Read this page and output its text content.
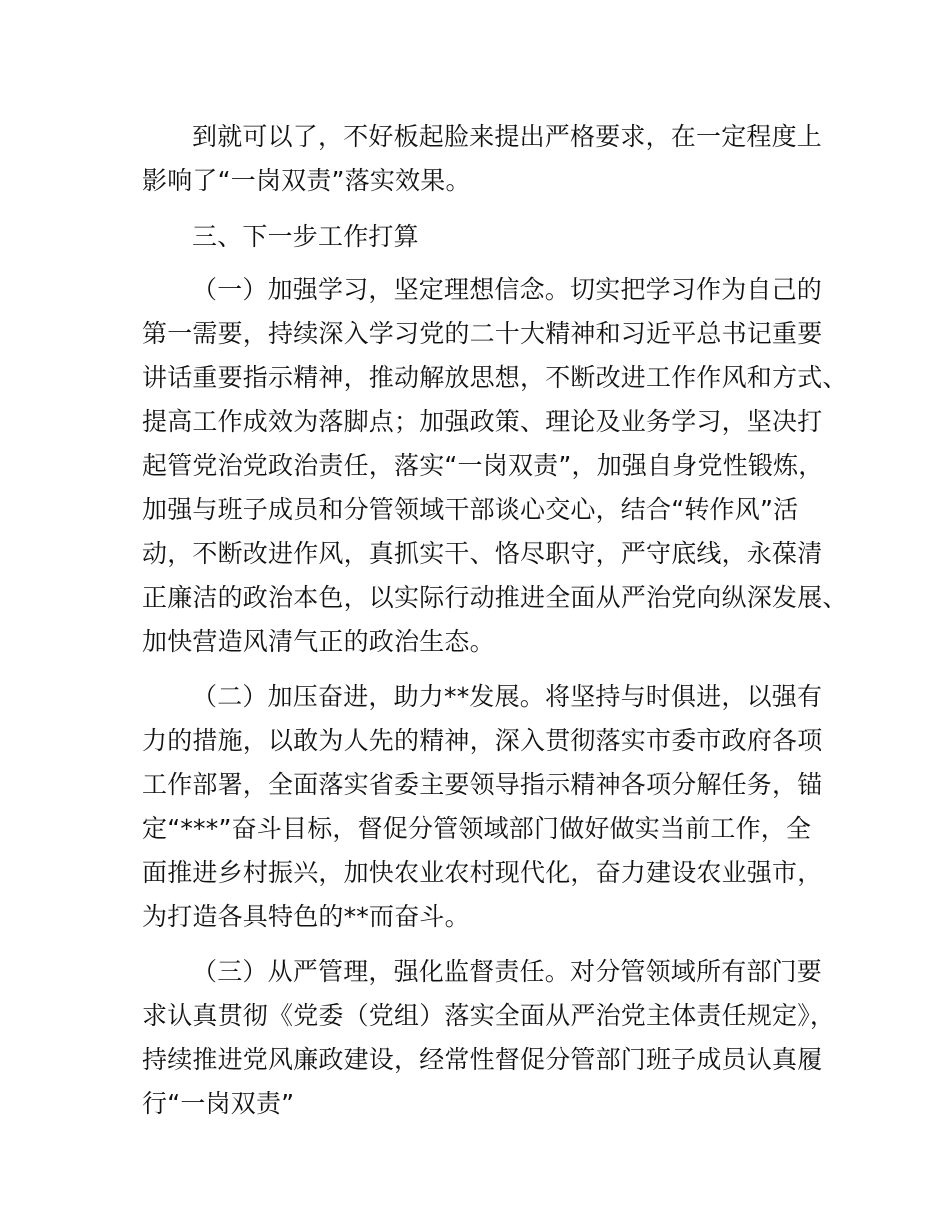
到就可以了，不好板起脸来提出严格要求，在一定程度上
影响了“一岗双责”落实效果。
三、下一步工作打算
（一）加强学习，坚定理想信念。切实把学习作为自己的
第一需要，持续深入学习党的二十大精神和习近平总书记重要
讲话重要指示精神，推动解放思想，不断改进工作作风和方式、
提高工作成效为落脚点；加强政策、理论及业务学习，坚决打
起管党治党政治责任，落实“一岗双责”，加强自身党性锻炼，
加强与班子成员和分管领域干部谈心交心，结合“转作风”活
动，不断改进作风，真抓实干、恪尽职守，严守底线，永葆清
正廉洁的政治本色，以实际行动推进全面从严治党向纵深发展、
加快营造风清气正的政治生态。
（二）加压奋进，助力**发展。将坚持与时俱进，以强有
力的措施，以敢为人先的精神，深入贯彻落实市委市政府各项
工作部署，全面落实省委主要领导指示精神各项分解任务，锚
定“***”奋斗目标，督促分管领域部门做好做实当前工作，全
面推进乡村振兴，加快农业农村现代化，奋力建设农业强市，
为打造各具特色的**而奋斗。
（三）从严管理，强化监督责任。对分管领域所有部门要
求认真贯彻《党委（党组）落实全面从严治党主体责任规定》，
持续推进党风廉政建设，经常性督促分管部门班子成员认真履
行“一岗双责”
